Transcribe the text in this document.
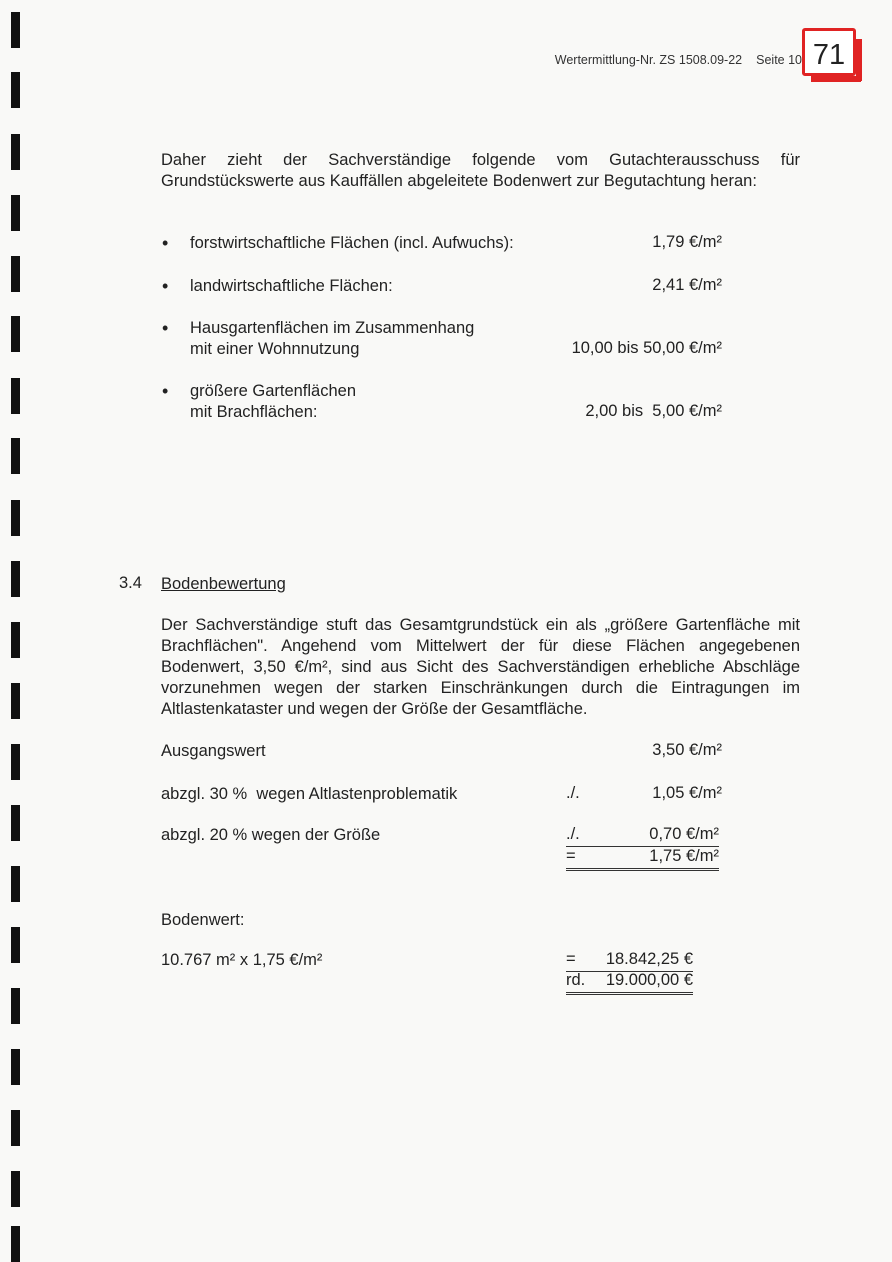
Wertermittlung-Nr. ZS 1508.09-22 Seite 10 71
Daher zieht der Sachverständige folgende vom Gutachterausschuss für Grundstückswerte aus Kauffällen abgeleitete Bodenwert zur Begutachtung heran:
• forstwirtschaftliche Flächen (incl. Aufwuchs):	1,79 €/m²
• landwirtschaftliche Flächen:	2,41 €/m²
• Hausgartenflächen im Zusammenhang
mit einer Wohnnutzung	10,00 bis 50,00 €/m²
• größere Gartenflächen
mit Brachflächen:	2,00 bis  5,00 €/m²
3.4 Bodenbewertung
Der Sachverständige stuft das Gesamtgrundstück ein als „größere Gartenfläche mit Brachflächen". Angehend vom Mittelwert der für diese Flächen angegebenen Bodenwert, 3,50 €/m², sind aus Sicht des Sachverständigen erhebliche Abschläge vorzunehmen wegen der starken Einschränkungen durch die Eintragungen im Altlastenkataster und wegen der Größe der Gesamtfläche.
Ausgangswert	3,50 €/m²
abzgl. 30 %  wegen Altlastenproblematik	./.	1,05 €/m²
abzgl. 20 % wegen der Größe	./.	0,70 €/m²
=	1,75 €/m²
Bodenwert:
10.767 m² x 1,75 €/m²	= 18.842,25 €
rd. 19.000,00 €
